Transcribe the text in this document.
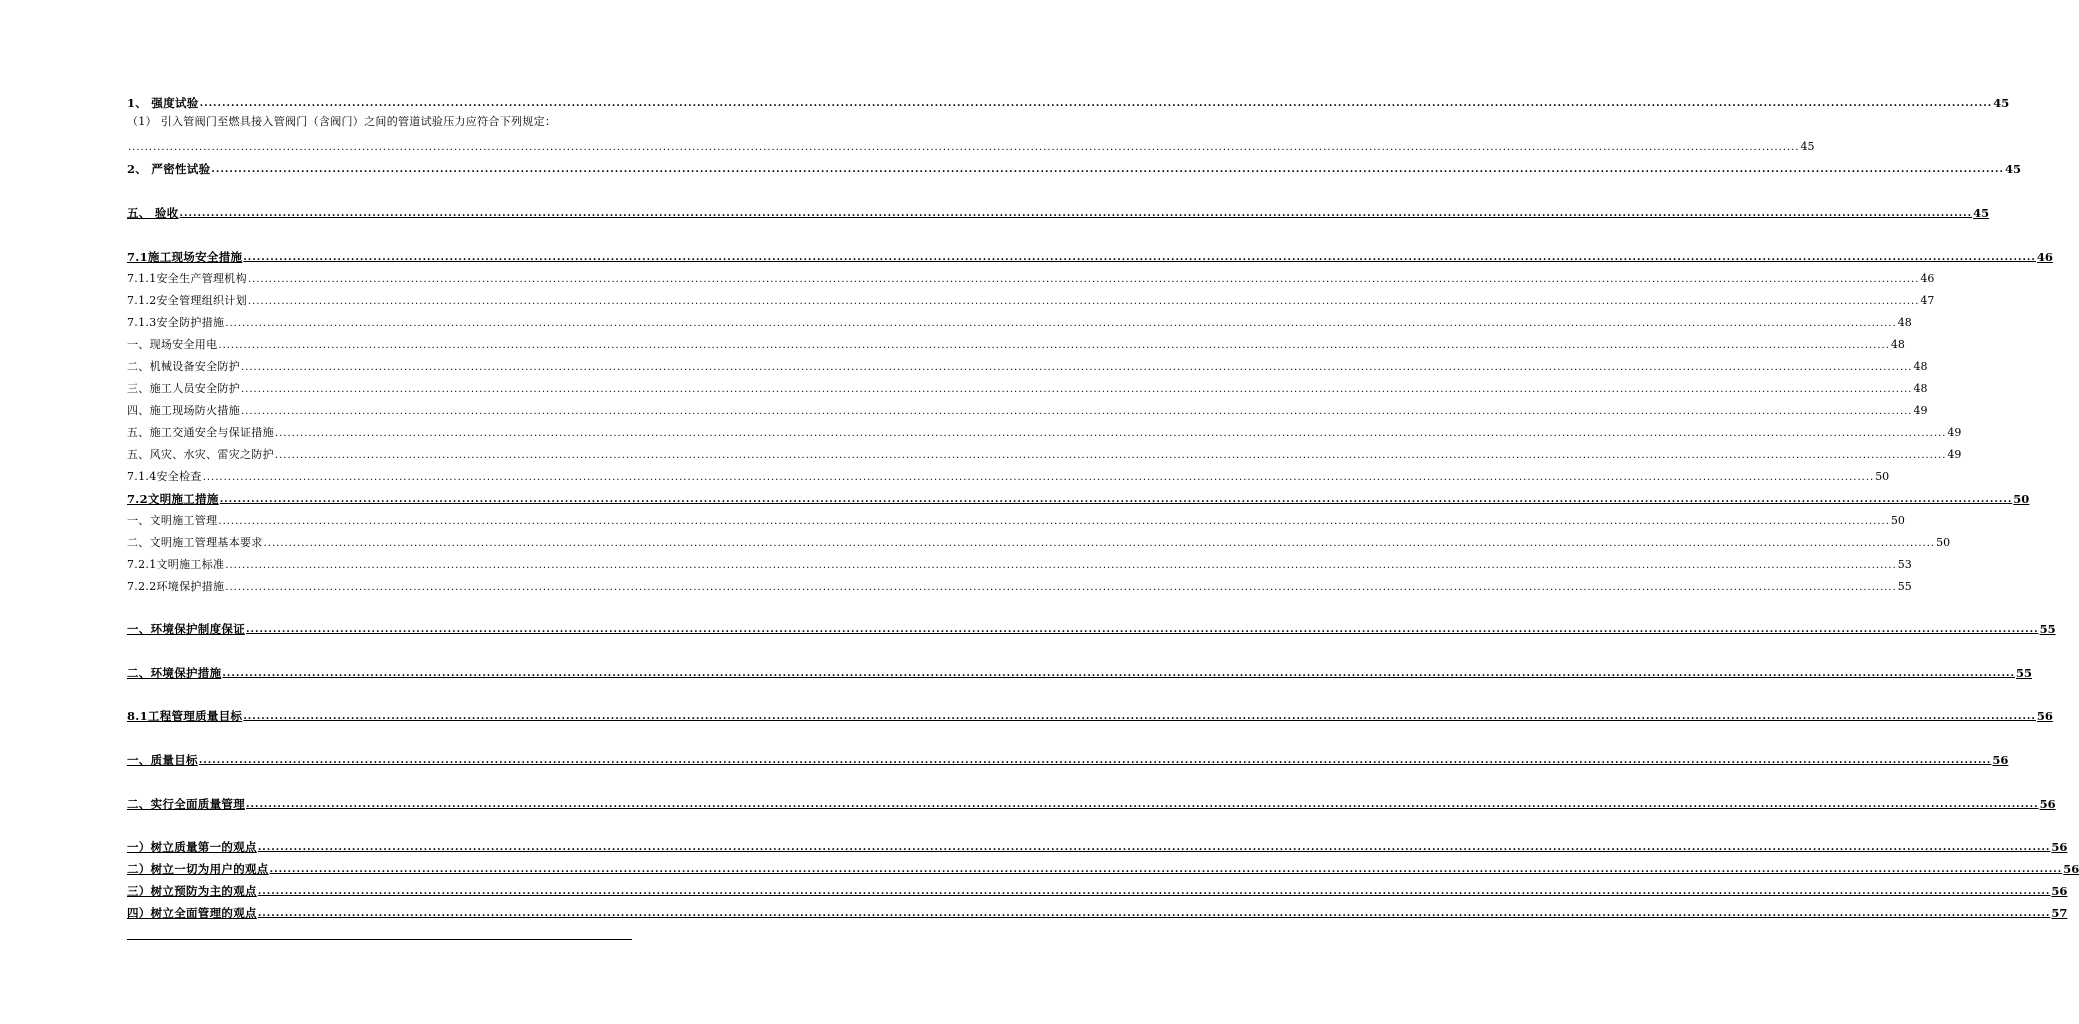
1、 强度试验 ................................................................................................................................................................................................................................................................................................................................................................................................................ 45
（1） 引入管阀门至燃具接入管阀门（含阀门）之间的管道试验压力应符合下列规定：
................................................................................................................................................................................................................................................................................................................................................................................................................ 45
2、 严密性试验 ................................................................................................................................................................................................................................................................................................................................................................................................................ 45
五、 验收 ................................................................................................................................................................................................................................................................................................................................................................................................................ 45
7.1施工现场安全措施 ................................................................................................................................................................................................................................................................................................................................................................................................................ 46
7.1.1安全生产管理机构 ................................................................................................................................................................................................................................................................................................................................................................................................................ 46
7.1.2安全管理组织计划 ................................................................................................................................................................................................................................................................................................................................................................................................................ 47
7.1.3安全防护措施 ................................................................................................................................................................................................................................................................................................................................................................................................................ 48
一、现场安全用电 ................................................................................................................................................................................................................................................................................................................................................................................................................ 48
二、机械设备安全防护 ................................................................................................................................................................................................................................................................................................................................................................................................................ 48
三、施工人员安全防护 ................................................................................................................................................................................................................................................................................................................................................................................................................ 48
四、施工现场防火措施 ................................................................................................................................................................................................................................................................................................................................................................................................................ 49
五、施工交通安全与保证措施 ................................................................................................................................................................................................................................................................................................................................................................................................................ 49
五、风灾、水灾、雷灾之防护 ................................................................................................................................................................................................................................................................................................................................................................................................................ 49
7.1.4安全检查 ................................................................................................................................................................................................................................................................................................................................................................................................................ 50
7.2文明施工措施 ................................................................................................................................................................................................................................................................................................................................................................................................................ 50
一、文明施工管理 ................................................................................................................................................................................................................................................................................................................................................................................................................ 50
二、文明施工管理基本要求 ................................................................................................................................................................................................................................................................................................................................................................................................................ 50
7.2.1文明施工标准 ................................................................................................................................................................................................................................................................................................................................................................................................................ 53
7.2.2环境保护措施 ................................................................................................................................................................................................................................................................................................................................................................................................................ 55
一、环境保护制度保证 ................................................................................................................................................................................................................................................................................................................................................................................................................ 55
二、环境保护措施 ................................................................................................................................................................................................................................................................................................................................................................................................................ 55
8.1工程管理质量目标 ................................................................................................................................................................................................................................................................................................................................................................................................................ 56
一、质量目标 ................................................................................................................................................................................................................................................................................................................................................................................................................ 56
二、实行全面质量管理 ................................................................................................................................................................................................................................................................................................................................................................................................................ 56
一）树立质量第一的观点 ................................................................................................................................................................................................................................................................................................................................................................................................................ 56
二）树立一切为用户的观点 ................................................................................................................................................................................................................................................................................................................................................................................................................ 56
三）树立预防为主的观点 ................................................................................................................................................................................................................................................................................................................................................................................................................ 56
四）树立全面管理的观点 ................................................................................................................................................................................................................................................................................................................................................................................................................ 57
